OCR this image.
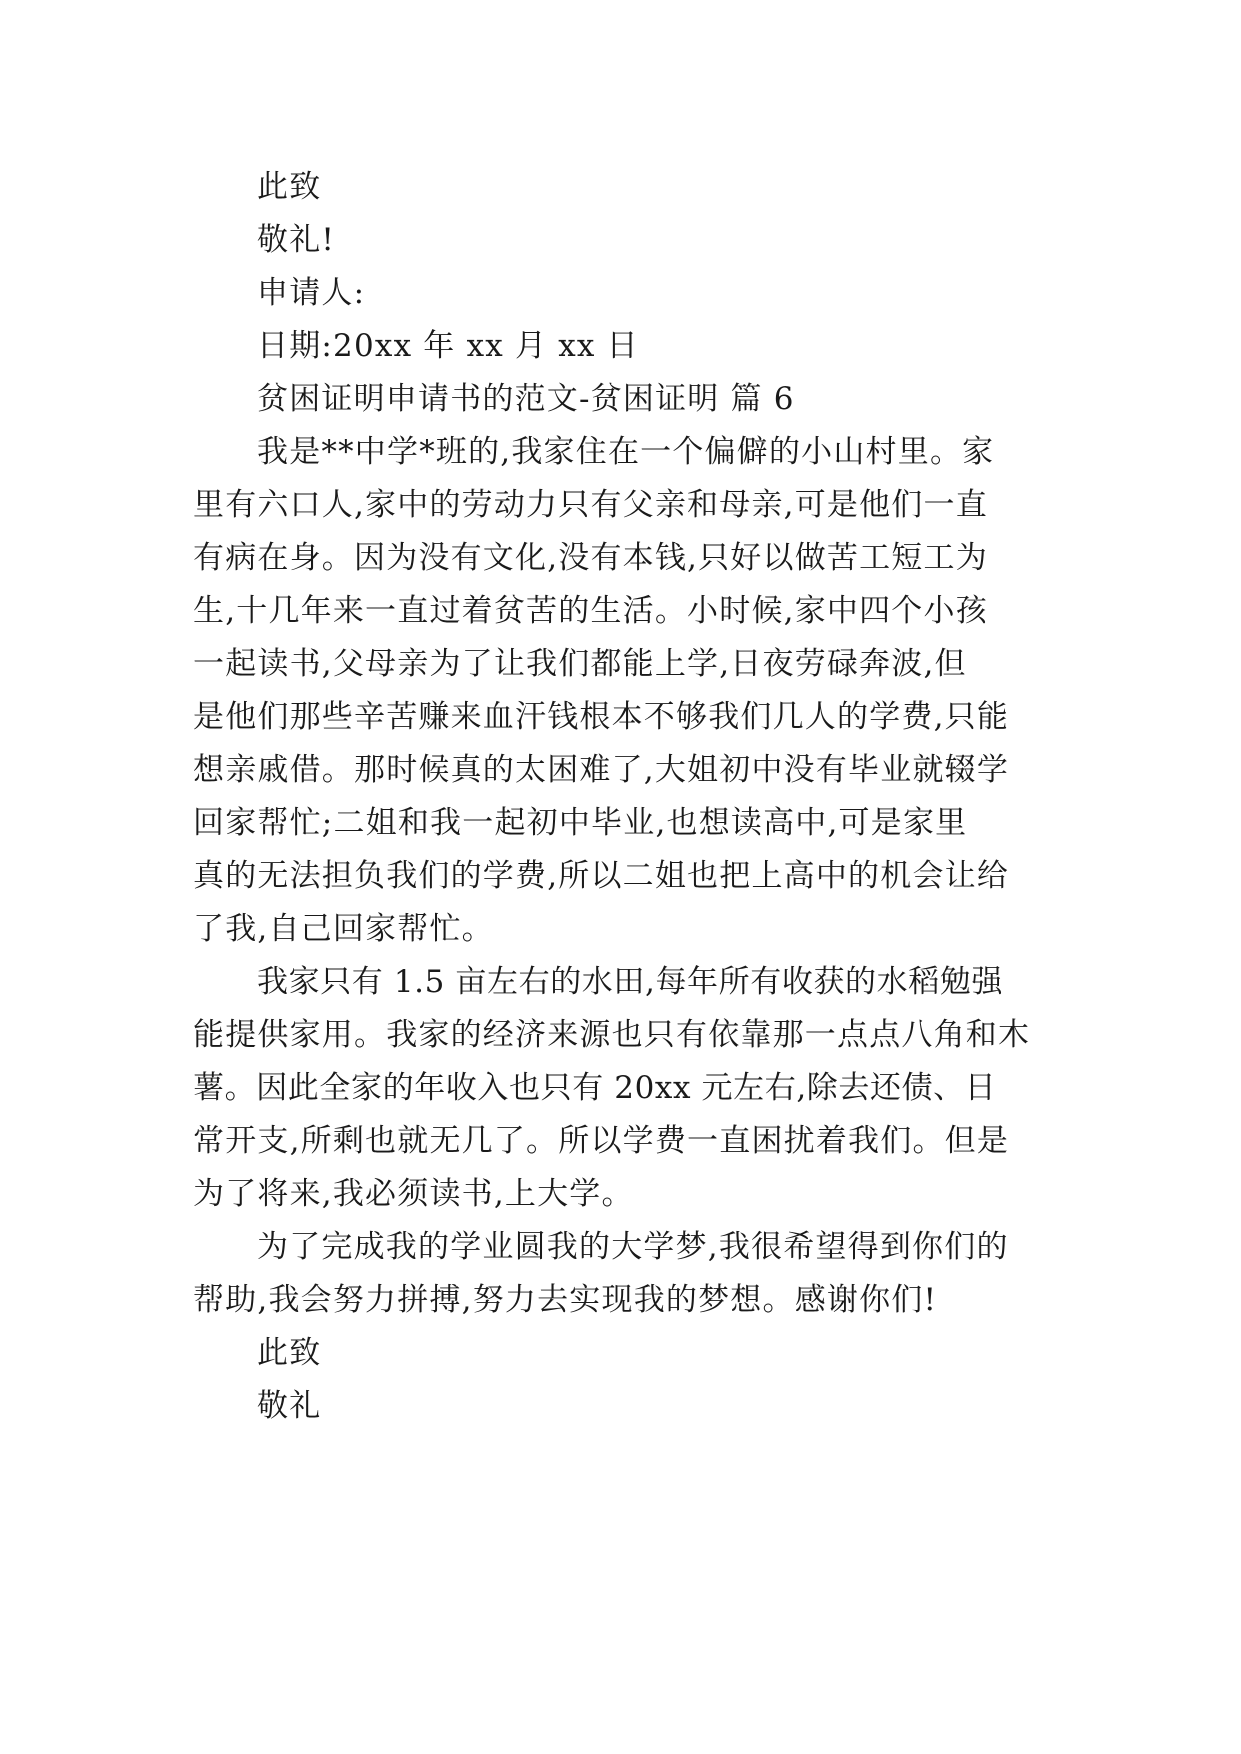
此致
敬礼!
申请人:
日期:20xx 年 xx 月 xx 日
贫困证明申请书的范文-贫困证明 篇 6
我是**中学*班的,我家住在一个偏僻的小山村里。家
里有六口人,家中的劳动力只有父亲和母亲,可是他们一直
有病在身。因为没有文化,没有本钱,只好以做苦工短工为
生,十几年来一直过着贫苦的生活。小时候,家中四个小孩
一起读书,父母亲为了让我们都能上学,日夜劳碌奔波,但
是他们那些辛苦赚来血汗钱根本不够我们几人的学费,只能
想亲戚借。那时候真的太困难了,大姐初中没有毕业就辍学
回家帮忙;二姐和我一起初中毕业,也想读高中,可是家里
真的无法担负我们的学费,所以二姐也把上高中的机会让给
了我,自己回家帮忙。
我家只有 1.5 亩左右的水田,每年所有收获的水稻勉强
能提供家用。我家的经济来源也只有依靠那一点点八角和木
薯。因此全家的年收入也只有 20xx 元左右,除去还债、日
常开支,所剩也就无几了。所以学费一直困扰着我们。但是
为了将来,我必须读书,上大学。
为了完成我的学业圆我的大学梦,我很希望得到你们的
帮助,我会努力拼搏,努力去实现我的梦想。感谢你们!
此致
敬礼
